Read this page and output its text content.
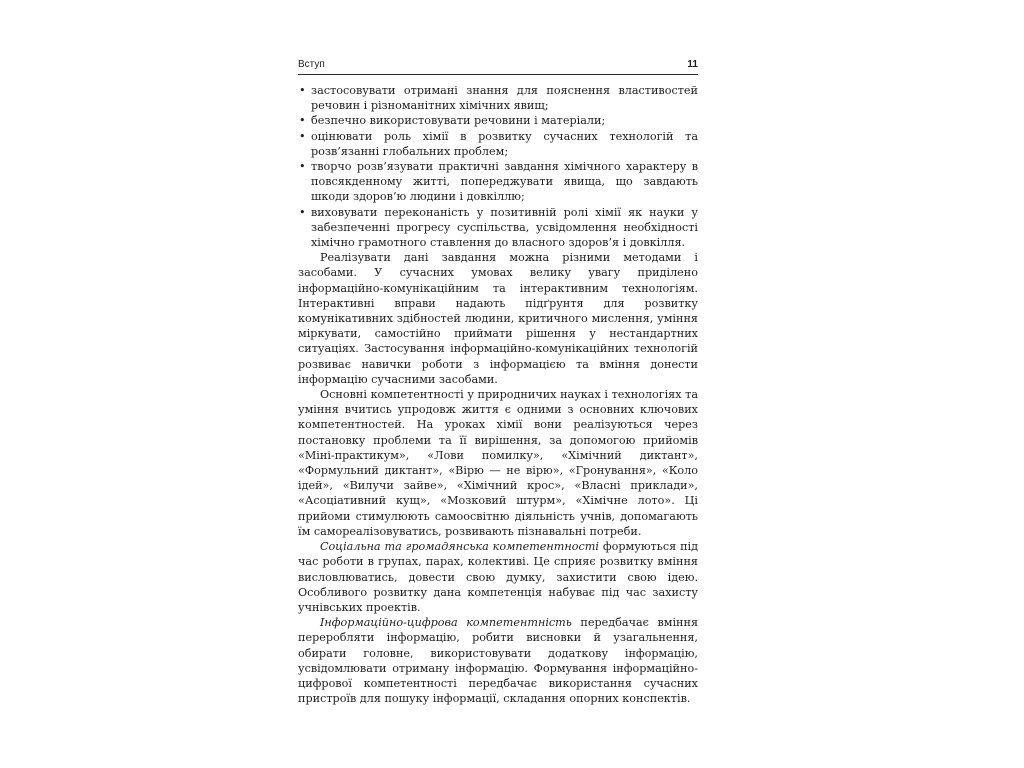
Вступ	11
• застосовувати отримані знання для пояснення властивостей речовин і різноманітних хімічних явищ;
• безпечно використовувати речовини і матеріали;
• оцінювати роль хімії в розвитку сучасних технологій та розв’язанні глобальних проблем;
• творчо розв’язувати практичні завдання хімічного характеру в повсякденному житті, попереджувати явища, що завдають шкоди здоров’ю людини і довкіллю;
• виховувати переконаність у позитивній ролі хімії як науки у забезпеченні прогресу суспільства, усвідомлення необхідності хімічно грамотного ставлення до власного здоров’я і довкілля.

Реалізувати дані завдання можна різними методами і засобами. У сучасних умовах велику увагу приділено інформаційно-комунікаційним та інтерактивним технологіям. Інтерактивні вправи надають підґрунтя для розвитку комунікативних здібностей людини, критичного мислення, уміння міркувати, самостійно приймати рішення у нестандартних ситуаціях. Застосування інформаційно-комунікаційних технологій розвиває навички роботи з інформацією та вміння донести інформацію сучасними засобами.

Основні компетентності у природничих науках і технологіях та уміння вчитись упродовж життя є одними з основних ключових компетентностей. На уроках хімії вони реалізуються через постановку проблеми та її вирішення, за допомогою прийомів «Міні-практикум», «Лови помилку», «Хімічний диктант», «Формульний диктант», «Вірю — не вірю», «Гронування», «Коло ідей», «Вилучи зайве», «Хімічний крос», «Власні приклади», «Асоціативний кущ», «Мозковий штурм», «Хімічне лото». Ці прийоми стимулюють самоосвітню діяльність учнів, допомагають їм самореалізовуватись, розвивають пізнавальні потреби.

Соціальна та громадянська компетентності формуються під час роботи в групах, парах, колективі. Це сприяє розвитку вміння висловлюватись, довести свою думку, захистити свою ідею. Особливого розвитку дана компетенція набуває під час захисту учнівських проектів.

Інформаційно-цифрова компетентність передбачає вміння переробляти інформацію, робити висновки й узагальнення, обирати головне, використовувати додаткову інформацію, усвідомлювати отриману інформацію. Формування інформаційно-цифрової компетентності передбачає використання сучасних пристроїв для пошуку інформації, складання опорних конспектів.
